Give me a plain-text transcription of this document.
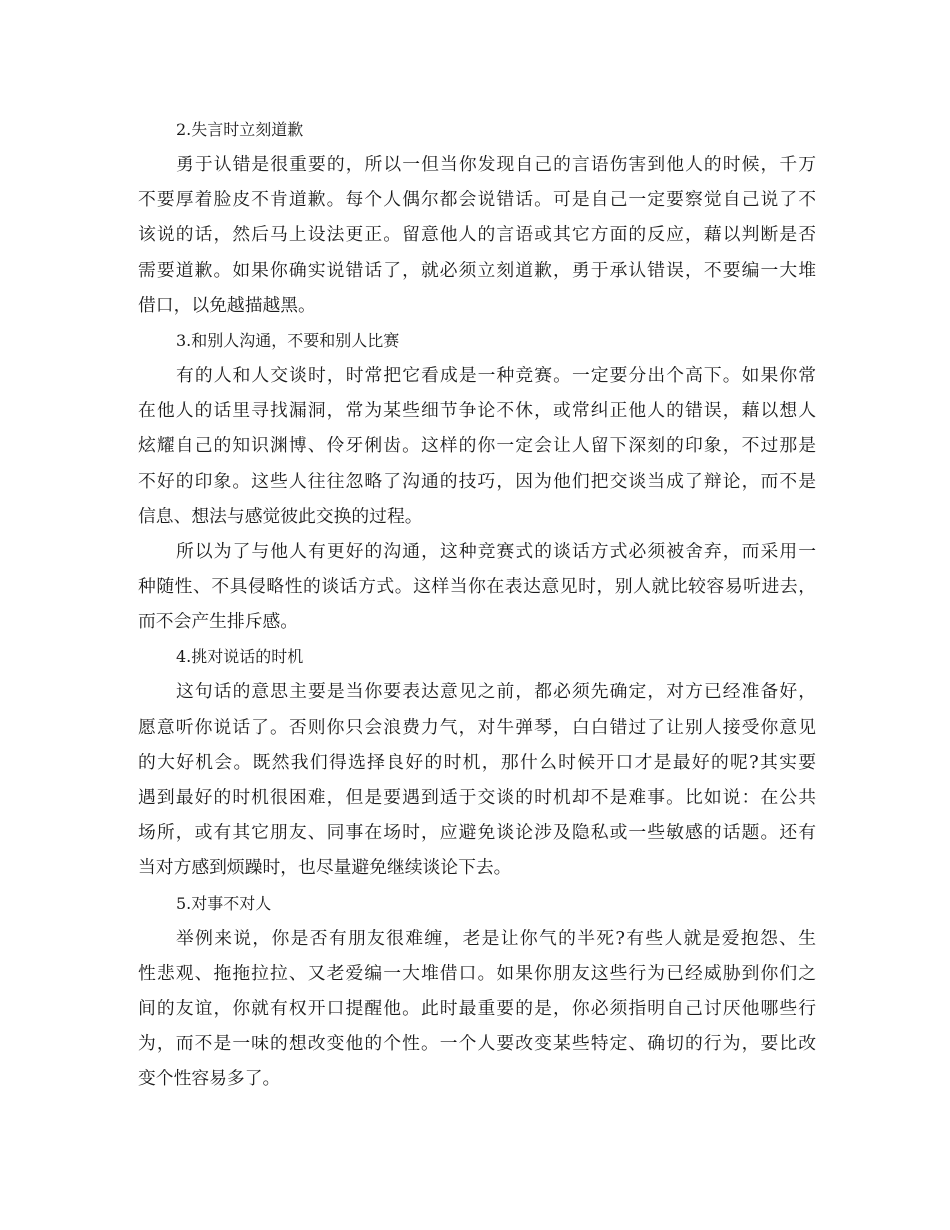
2.失言时立刻道歉

勇于认错是很重要的，所以一但当你发现自己的言语伤害到他人的时候，千万
不要厚着脸皮不肯道歉。每个人偶尔都会说错话。可是自己一定要察觉自己说了不
该说的话，然后马上设法更正。留意他人的言语或其它方面的反应，藉以判断是否
需要道歉。如果你确实说错话了，就必须立刻道歉，勇于承认错误，不要编一大堆
借口，以免越描越黑。

3.和别人沟通，不要和别人比赛

有的人和人交谈时，时常把它看成是一种竞赛。一定要分出个高下。如果你常
在他人的话里寻找漏洞，常为某些细节争论不休，或常纠正他人的错误，藉以想人
炫耀自己的知识渊博、伶牙俐齿。这样的你一定会让人留下深刻的印象，不过那是
不好的印象。这些人往往忽略了沟通的技巧，因为他们把交谈当成了辩论，而不是
信息、想法与感觉彼此交换的过程。
所以为了与他人有更好的沟通，这种竞赛式的谈话方式必须被舍弃，而采用一
种随性、不具侵略性的谈话方式。这样当你在表达意见时，别人就比较容易听进去，
而不会产生排斥感。

4.挑对说话的时机

这句话的意思主要是当你要表达意见之前，都必须先确定，对方已经准备好，
愿意听你说话了。否则你只会浪费力气，对牛弹琴，白白错过了让别人接受你意见
的大好机会。既然我们得选择良好的时机，那什么时候开口才是最好的呢?其实要
遇到最好的时机很困难，但是要遇到适于交谈的时机却不是难事。比如说：在公共
场所，或有其它朋友、同事在场时，应避免谈论涉及隐私或一些敏感的话题。还有
当对方感到烦躁时，也尽量避免继续谈论下去。

5.对事不对人

举例来说，你是否有朋友很难缠，老是让你气的半死?有些人就是爱抱怨、生
性悲观、拖拖拉拉、又老爱编一大堆借口。如果你朋友这些行为已经威胁到你们之
间的友谊，你就有权开口提醒他。此时最重要的是，你必须指明自己讨厌他哪些行
为，而不是一味的想改变他的个性。一个人要改变某些特定、确切的行为，要比改
变个性容易多了。
